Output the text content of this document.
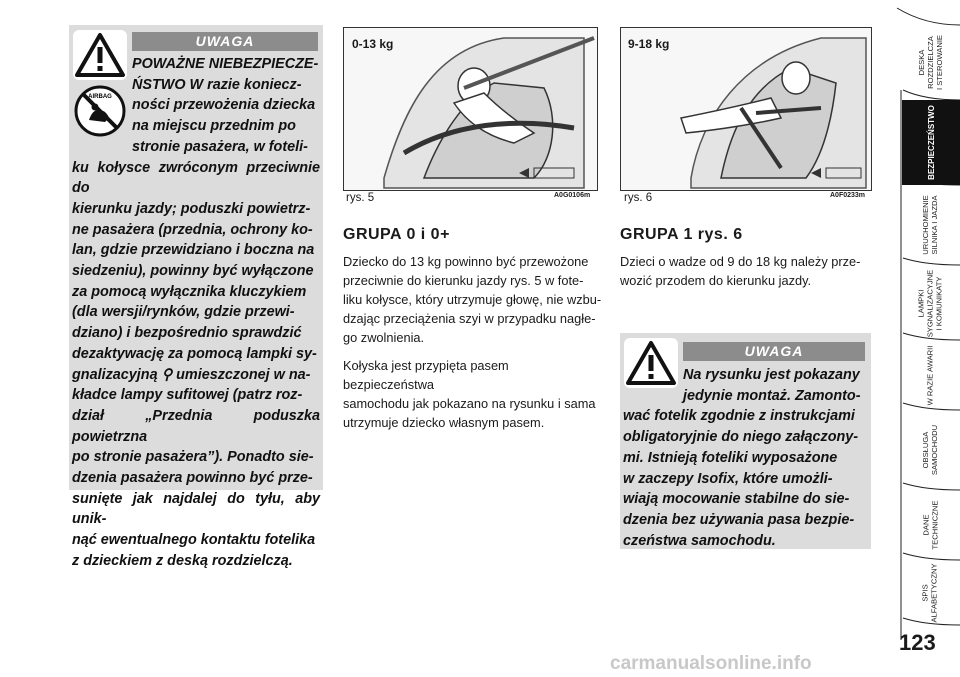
UWAGA
AIRBAG
POWAŻNE NIEBEZPIECZE-
ŃSTWO W razie koniecz-
ności przewożenia dziecka
na miejscu przednim po
stronie pasażera, w foteli-
ku kołysce zwróconym przeciwnie do
kierunku jazdy; poduszki powietrz-
ne pasażera (przednia, ochrony ko-
lan, gdzie przewidziano i boczna na
siedzeniu), powinny być wyłączone
za pomocą wyłącznika kluczykiem
(dla wersji/rynków, gdzie przewi-
dziano) i bezpośrednio sprawdzić
dezaktywację za pomocą lampki sy-
gnalizacyjną ⚲ umieszczonej w na-
kładce lampy sufitowej (patrz roz-
dział „Przednia poduszka powietrzna
po stronie pasażera”). Ponadto sie-
dzenia pasażera powinno być prze-
sunięte jak najdalej do tyłu, aby unik-
nąć ewentualnego kontaktu fotelika
z dzieckiem z deską rozdzielczą.
0-13 kg
rys. 5	A0G0106m
9-18 kg
rys. 6	A0F0233m
GRUPA 0 i 0+
Dziecko do 13 kg powinno być przewożone
przeciwnie do kierunku jazdy rys. 5 w fote-
liku kołysce, który utrzymuje głowę, nie wzbu-
dzając przeciążenia szyi w przypadku nagłe-
go zwolnienia.
Kołyska jest przypięta pasem bezpieczeństwa
samochodu jak pokazano na rysunku i sama
utrzymuje dziecko własnym pasem.
GRUPA 1 rys. 6
Dzieci o wadze od 9 do 18 kg należy prze-
wozić przodem do kierunku jazdy.
UWAGA
Na rysunku jest pokazany
jedynie montaż. Zamonto-
wać fotelik zgodnie z instrukcjami
obligatoryjnie do niego załączony-
mi. Istnieją foteliki wyposażone
w zaczepy Isofix, które umożli-
wiają mocowanie stabilne do sie-
dzenia bez używania pasa bezpie-
czeństwa samochodu.
DESKA
ROZDZIELCZA
I STEROWANIE
BEZPIECZEŃSTWO
URUCHOMIENIE
SILNIKA I JAZDA
LAMPKI
SYGNALIZACYJNE
I KOMUNIKATY
W RAZIE AWARII
OBSŁUGA
SAMOCHODU
DANE
TECHNICZNE
SPIS
ALFABETYCZNY
123
carmanualsonline.info
